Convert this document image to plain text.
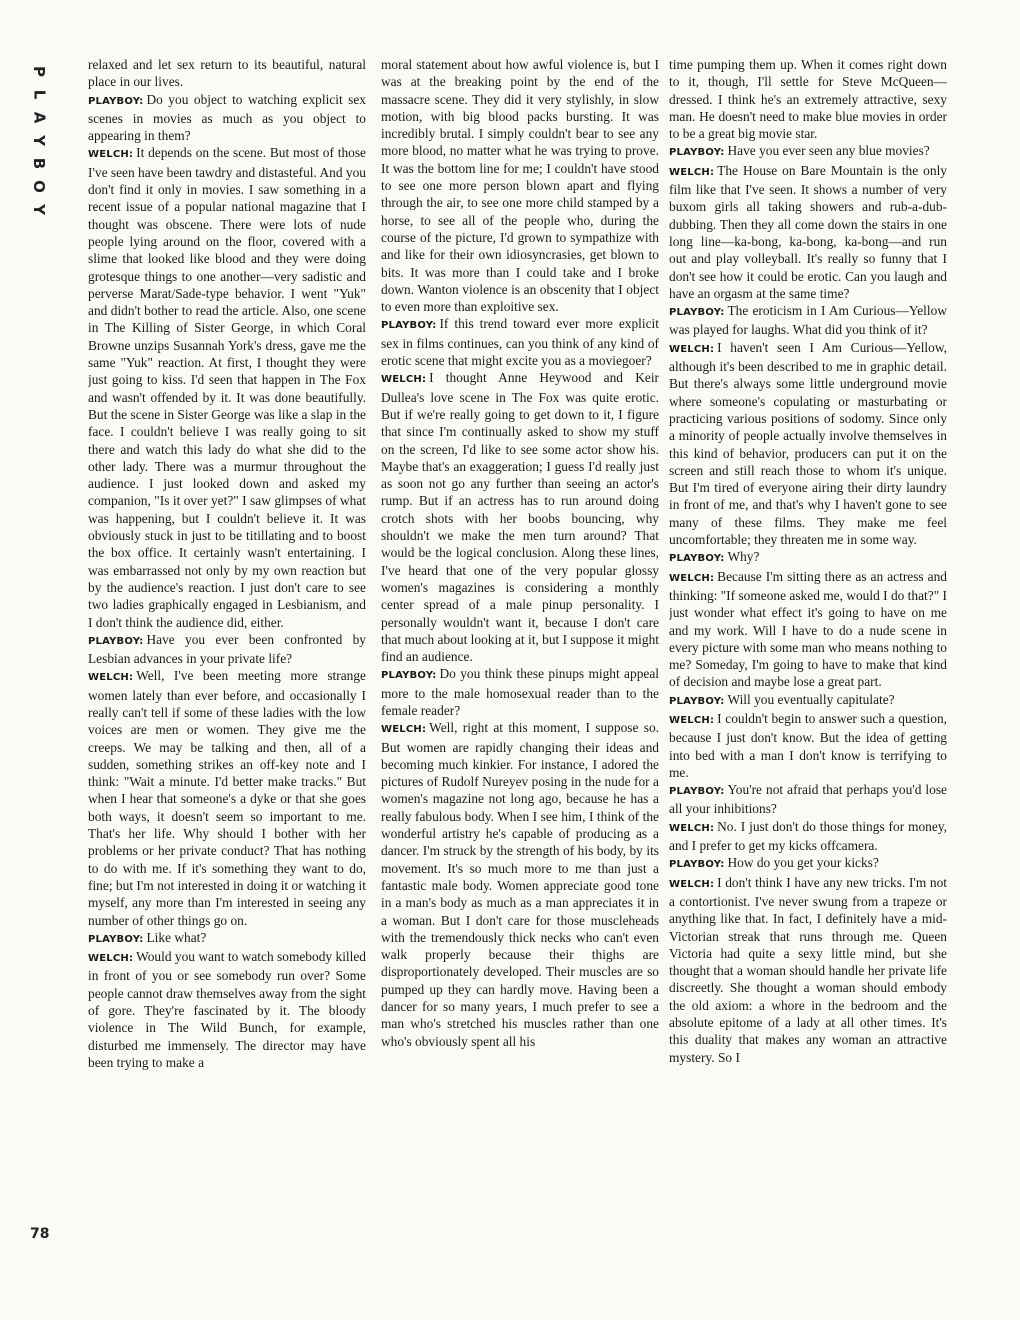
P
L
A
Y
B
O
Y

relaxed and let sex return to its beautiful, natural place in our lives.

PLAYBOY: Do you object to watching explicit sex scenes in movies as much as you object to appearing in them?

WELCH: It depends on the scene. But most of those I've seen have been tawdry and distasteful. And you don't find it only in movies. I saw something in a recent issue of a popular national magazine that I thought was obscene. There were lots of nude people lying around on the floor, covered with a slime that looked like blood and they were doing grotesque things to one another—very sadistic and perverse Marat/Sade-type behavior. I went "Yuk" and didn't bother to read the article. Also, one scene in The Killing of Sister George, in which Coral Browne unzips Susannah York's dress, gave me the same "Yuk" reaction. At first, I thought they were just going to kiss. I'd seen that happen in The Fox and wasn't offended by it. It was done beautifully. But the scene in Sister George was like a slap in the face. I couldn't believe I was really going to sit there and watch this lady do what she did to the other lady. There was a murmur throughout the audience. I just looked down and asked my companion, "Is it over yet?" I saw glimpses of what was happening, but I couldn't believe it. It was obviously stuck in just to be titillating and to boost the box office. It certainly wasn't entertaining. I was embarrassed not only by my own reaction but by the audience's reaction. I just don't care to see two ladies graphically engaged in Lesbianism, and I don't think the audience did, either.

PLAYBOY: Have you ever been confronted by Lesbian advances in your private life?

WELCH: Well, I've been meeting more strange women lately than ever before, and occasionally I really can't tell if some of these ladies with the low voices are men or women. They give me the creeps. We may be talking and then, all of a sudden, something strikes an off-key note and I think: "Wait a minute. I'd better make tracks." But when I hear that someone's a dyke or that she goes both ways, it doesn't seem so important to me. That's her life. Why should I bother with her problems or her private conduct? That has nothing to do with me. If it's something they want to do, fine; but I'm not interested in doing it or watching it myself, any more than I'm interested in seeing any number of other things go on.

PLAYBOY: Like what?

WELCH: Would you want to watch somebody killed in front of you or see somebody run over? Some people cannot draw themselves away from the sight of gore. They're fascinated by it. The bloody violence in The Wild Bunch, for example, disturbed me immensely. The director may have been trying to make a

moral statement about how awful violence is, but I was at the breaking point by the end of the massacre scene. They did it very stylishly, in slow motion, with big blood packs bursting. It was incredibly brutal. I simply couldn't bear to see any more blood, no matter what he was trying to prove. It was the bottom line for me; I couldn't have stood to see one more person blown apart and flying through the air, to see one more child stamped by a horse, to see all of the people who, during the course of the picture, I'd grown to sympathize with and like for their own idiosyncrasies, get blown to bits. It was more than I could take and I broke down. Wanton violence is an obscenity that I object to even more than exploitive sex.

PLAYBOY: If this trend toward ever more explicit sex in films continues, can you think of any kind of erotic scene that might excite you as a moviegoer?

WELCH: I thought Anne Heywood and Keir Dullea's love scene in The Fox was quite erotic. But if we're really going to get down to it, I figure that since I'm continually asked to show my stuff on the screen, I'd like to see some actor show his. Maybe that's an exaggeration; I guess I'd really just as soon not go any further than seeing an actor's rump. But if an actress has to run around doing crotch shots with her boobs bouncing, why shouldn't we make the men turn around? That would be the logical conclusion. Along these lines, I've heard that one of the very popular glossy women's magazines is considering a monthly center spread of a male pinup personality. I personally wouldn't want it, because I don't care that much about looking at it, but I suppose it might find an audience.

PLAYBOY: Do you think these pinups might appeal more to the male homosexual reader than to the female reader?

WELCH: Well, right at this moment, I suppose so. But women are rapidly changing their ideas and becoming much kinkier. For instance, I adored the pictures of Rudolf Nureyev posing in the nude for a women's magazine not long ago, because he has a really fabulous body. When I see him, I think of the wonderful artistry he's capable of producing as a dancer. I'm struck by the strength of his body, by its movement. It's so much more to me than just a fantastic male body. Women appreciate good tone in a man's body as much as a man appreciates it in a woman. But I don't care for those muscleheads with the tremendously thick necks who can't even walk properly because their thighs are disproportionately developed. Their muscles are so pumped up they can hardly move. Having been a dancer for so many years, I much prefer to see a man who's stretched his muscles rather than one who's obviously spent all his

time pumping them up. When it comes right down to it, though, I'll settle for Steve McQueen—dressed. I think he's an extremely attractive, sexy man. He doesn't need to make blue movies in order to be a great big movie star.

PLAYBOY: Have you ever seen any blue movies?

WELCH: The House on Bare Mountain is the only film like that I've seen. It shows a number of very buxom girls all taking showers and rub-a-dub-dubbing. Then they all come down the stairs in one long line—ka-bong, ka-bong, ka-bong—and run out and play volleyball. It's really so funny that I don't see how it could be erotic. Can you laugh and have an orgasm at the same time?

PLAYBOY: The eroticism in I Am Curious—Yellow was played for laughs. What did you think of it?

WELCH: I haven't seen I Am Curious—Yellow, although it's been described to me in graphic detail. But there's always some little underground movie where someone's copulating or masturbating or practicing various positions of sodomy. Since only a minority of people actually involve themselves in this kind of behavior, producers can put it on the screen and still reach those to whom it's unique. But I'm tired of everyone airing their dirty laundry in front of me, and that's why I haven't gone to see many of these films. They make me feel uncomfortable; they threaten me in some way.

PLAYBOY: Why?

WELCH: Because I'm sitting there as an actress and thinking: "If someone asked me, would I do that?" I just wonder what effect it's going to have on me and my work. Will I have to do a nude scene in every picture with some man who means nothing to me? Someday, I'm going to have to make that kind of decision and maybe lose a great part.

PLAYBOY: Will you eventually capitulate?

WELCH: I couldn't begin to answer such a question, because I just don't know. But the idea of getting into bed with a man I don't know is terrifying to me.

PLAYBOY: You're not afraid that perhaps you'd lose all your inhibitions?

WELCH: No. I just don't do those things for money, and I prefer to get my kicks offcamera.

PLAYBOY: How do you get your kicks?

WELCH: I don't think I have any new tricks. I'm not a contortionist. I've never swung from a trapeze or anything like that. In fact, I definitely have a mid-Victorian streak that runs through me. Queen Victoria had quite a sexy little mind, but she thought that a woman should handle her private life discreetly. She thought a woman should embody the old axiom: a whore in the bedroom and the absolute epitome of a lady at all other times. It's this duality that makes any woman an attractive mystery. So I

78
